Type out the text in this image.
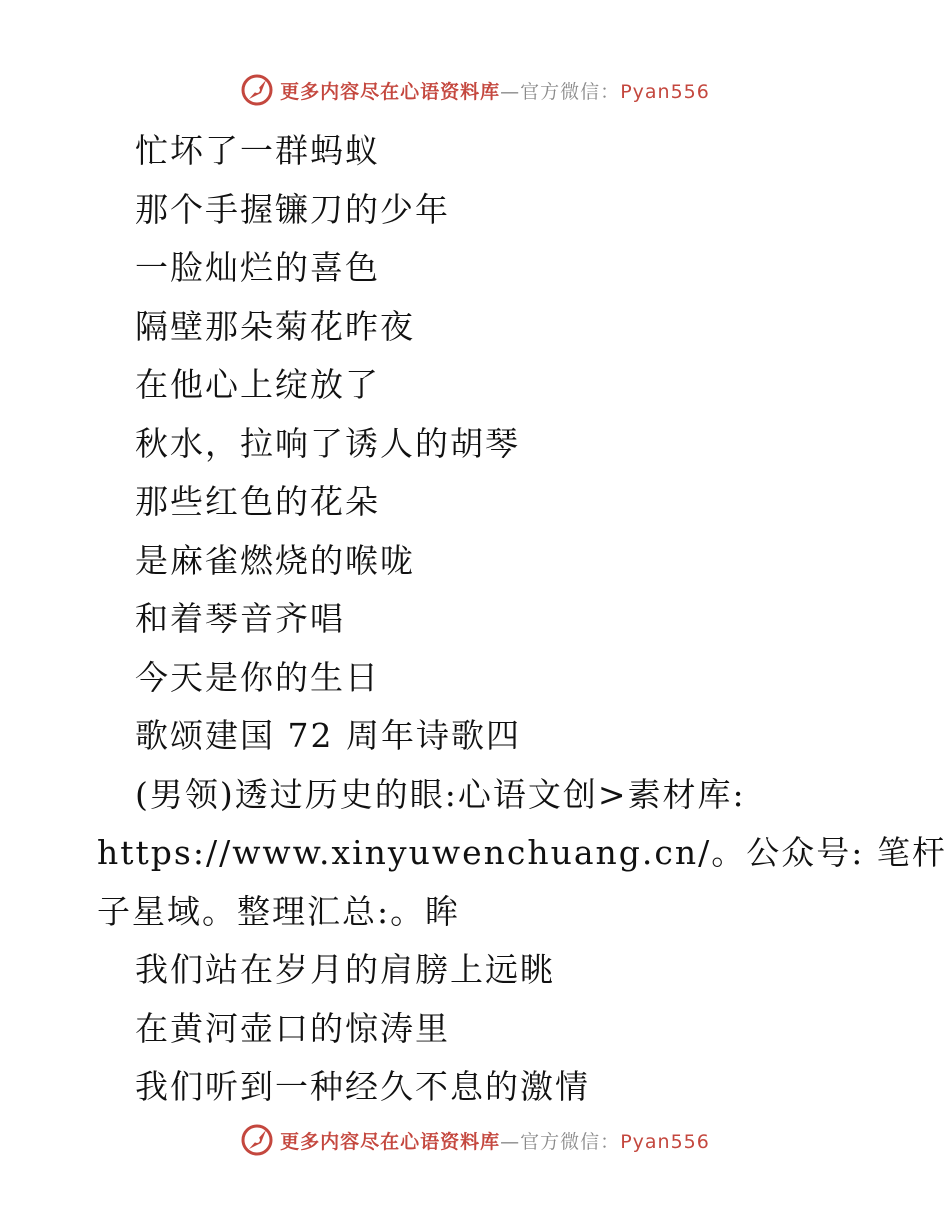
更多内容尽在心语资料库—官方微信：Pyan556
忙坏了一群蚂蚁
那个手握镰刀的少年
一脸灿烂的喜色
隔壁那朵菊花昨夜
在他心上绽放了
秋水，拉响了诱人的胡琴
那些红色的花朵
是麻雀燃烧的喉咙
和着琴音齐唱
今天是你的生日
歌颂建国 72 周年诗歌四
(男领)透过历史的眼:心语文创>素材库:
https://www.xinyuwenchuang.cn/。公众号: 笔杆
子星域。整理汇总:。眸
我们站在岁月的肩膀上远眺
在黄河壶口的惊涛里
我们听到一种经久不息的激情
更多内容尽在心语资料库—官方微信：Pyan556
